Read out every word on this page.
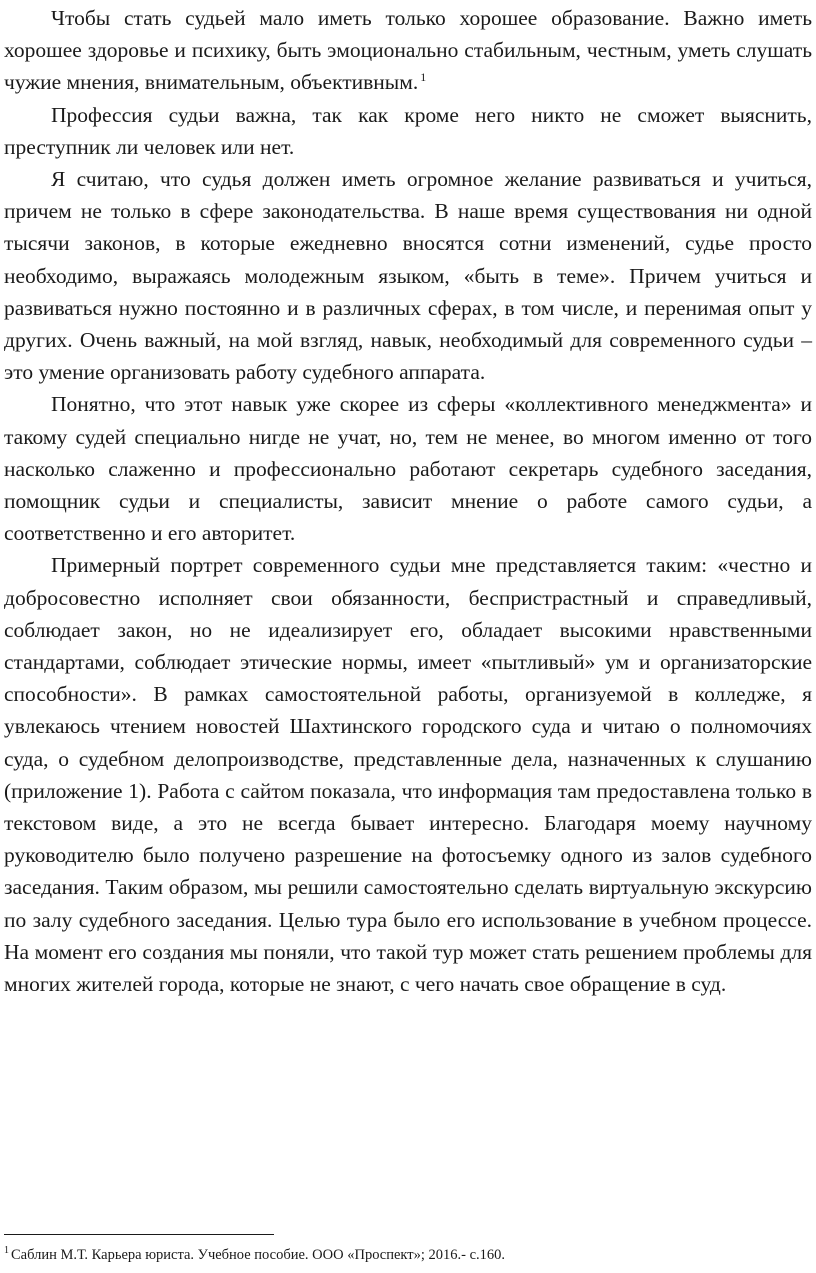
Чтобы стать судьей мало иметь только хорошее образование. Важно иметь хорошее здоровье и психику, быть эмоционально стабильным, честным, уметь слушать чужие мнения, внимательным, объективным. $^1$

Профессия судьи важна, так как кроме него никто не сможет выяснить, преступник ли человек или нет.

Я считаю, что судья должен иметь огромное желание развиваться и учиться, причем не только в сфере законодательства. В наше время существования ни одной тысячи законов, в которые ежедневно вносятся сотни изменений, судье просто необходимо, выражаясь молодежным языком, «быть в теме». Причем учиться и развиваться нужно постоянно и в различных сферах, в том числе, и перенимая опыт у других. Очень важный, на мой взгляд, навык, необходимый для современного судьи – это умение организовать работу судебного аппарата.

Понятно, что этот навык уже скорее из сферы «коллективного менеджмента» и такому судей специально нигде не учат, но, тем не менее, во многом именно от того насколько слаженно и профессионально работают секретарь судебного заседания, помощник судьи и специалисты, зависит мнение о работе самого судьи, а соответственно и его авторитет.

Примерный портрет современного судьи мне представляется таким: «честно и добросовестно исполняет свои обязанности, беспристрастный и справедливый, соблюдает закон, но не идеализирует его, обладает высокими нравственными стандартами, соблюдает этические нормы, имеет «пытливый» ум и организаторские способности». В рамках самостоятельной работы, организуемой в колледже, я увлекаюсь чтением новостей Шахтинского городского суда и читаю о полномочиях суда, о судебном делопроизводстве, представленные дела, назначенных к слушанию (приложение 1). Работа с сайтом показала, что информация там предоставлена только в текстовом виде, а это не всегда бывает интересно. Благодаря моему научному руководителю было получено разрешение на фотосъемку одного из залов судебного заседания. Таким образом, мы решили самостоятельно сделать виртуальную экскурсию по залу судебного заседания. Целью тура было его использование в учебном процессе. На момент его создания мы поняли, что такой тур может стать решением проблемы для многих жителей города, которые не знают, с чего начать свое обращение в суд.

$^1$ Саблин М.Т. Карьера юриста. Учебное пособие. ООО «Проспект»; 2016.- с.160.
